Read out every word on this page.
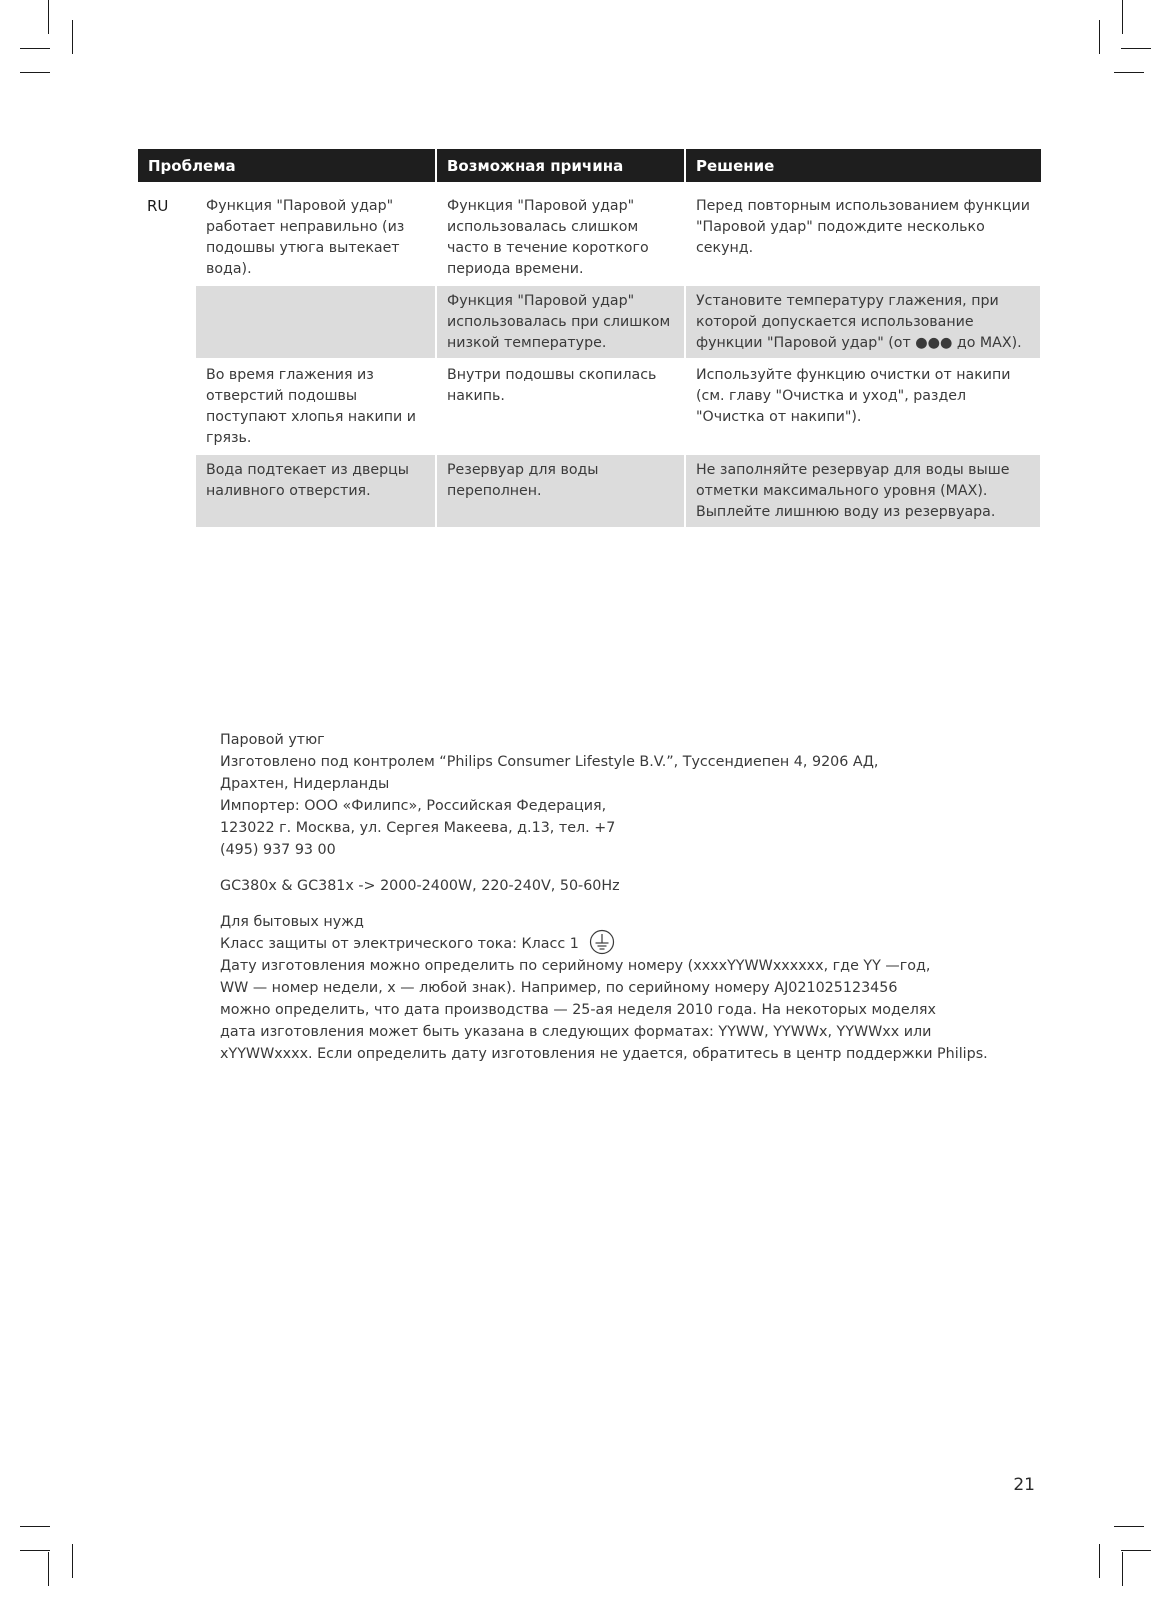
Проблема		Возможная причина	Решение
RU	Функция "Паровой удар" работает неправильно (из подошвы утюга вытекает вода).	Функция "Паровой удар" использовалась слишком часто в течение короткого периода времени.	Перед повторным использованием функции "Паровой удар" подождите несколько секунд.
		Функция "Паровой удар" использовалась при слишком низкой температуре.	Установите температуру глажения, при которой допускается использование функции "Паровой удар" (от ●●● до MAX).
	Во время глажения из отверстий подошвы поступают хлопья накипи и грязь.	Внутри подошвы скопилась накипь.	Используйте функцию очистки от накипи (см. главу "Очистка и уход", раздел "Очистка от накипи").
	Вода подтекает из дверцы наливного отверстия.	Резервуар для воды переполнен.	Не заполняйте резервуар для воды выше отметки максимального уровня (MAX). Выплейте лишнюю воду из резервуара.

Паровой утюг

Изготовлено под контролем “Philips Consumer Lifestyle B.V.”, Туссендиепен 4, 9206 АД,

Драхтен, Нидерланды

Импортер: ООО «Филипс», Российская Федерация,

123022 г. Москва, ул. Сергея Макеева, д.13, тел. +7

(495) 937 93 00

GC380x & GC381x -> 2000-2400W, 220-240V, 50-60Hz

Для бытовых нужд

Класс защиты от электрического тока: Класс 1

Дату изготовления можно определить по серийному номеру (xxxxYYWWxxxxxx, где YY —год,

WW — номер недели, x — любой знак). Например, по серийному номеру AJ021025123456

можно определить, что дата производства — 25-ая неделя 2010 года. На некоторых моделях

дата изготовления может быть указана в следующих форматах: YYWW, YYWWx, YYWWxx или

xYYWWxxxx. Если определить дату изготовления не удается, обратитесь в центр поддержки Philips.

21
